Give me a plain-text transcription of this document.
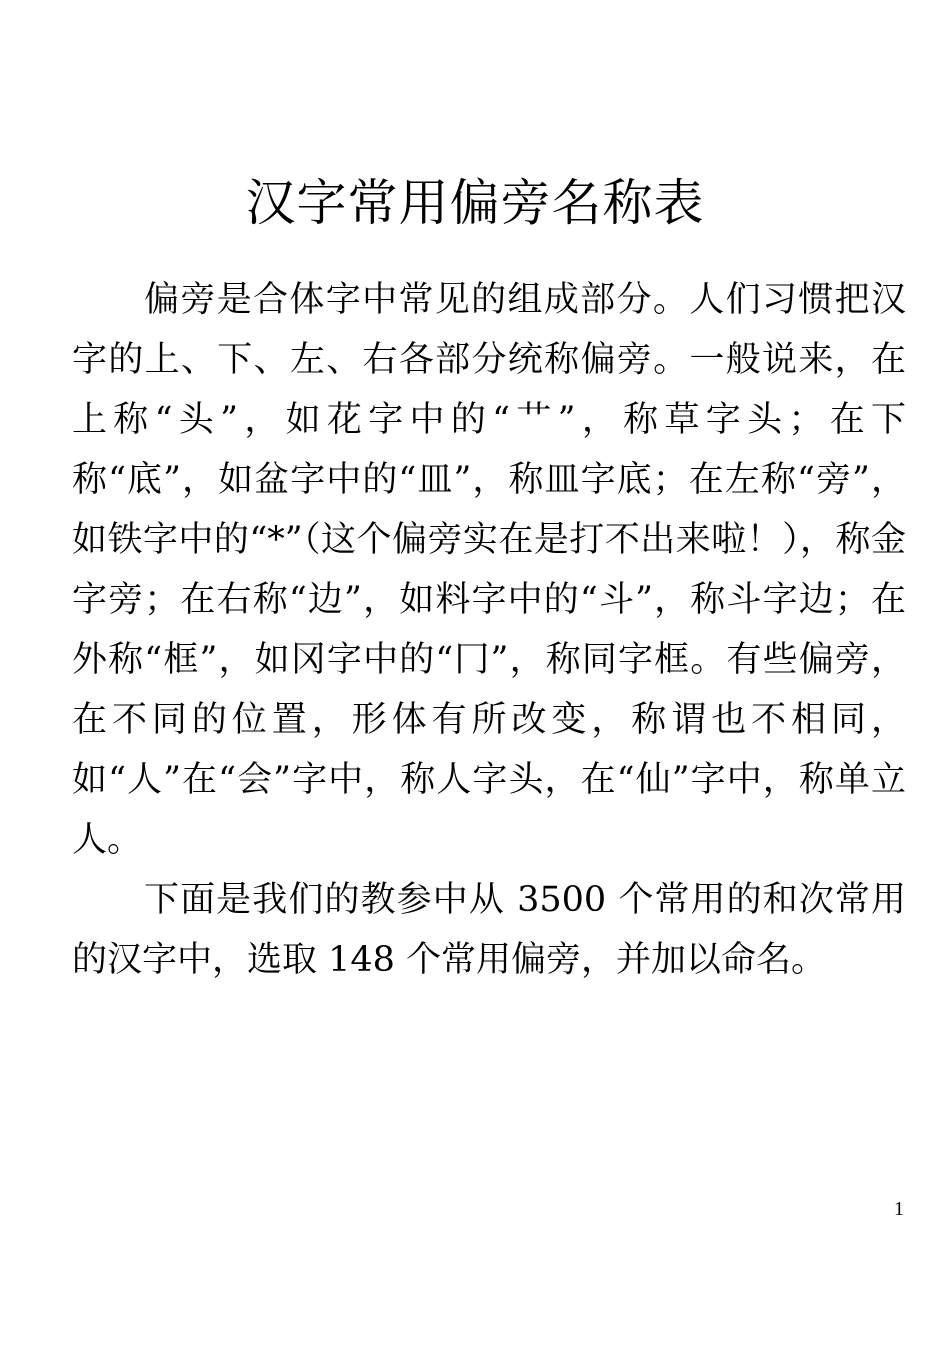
汉字常用偏旁名称表

偏旁是合体字中常见的组成部分。人们习惯把汉字的上、下、左、右各部分统称偏旁。一般说来，在上称“头”，如花字中的“艹”，称草字头；在下称“底”，如盆字中的“皿”，称皿字底；在左称“旁”，如铁字中的“*”（这个偏旁实在是打不出来啦！），称金字旁；在右称“边”，如料字中的“斗”，称斗字边；在外称“框”，如冈字中的“冂”，称同字框。有些偏旁，在不同的位置，形体有所改变，称谓也不相同，如“人”在“会”字中，称人字头，在“仙”字中，称单立人。

下面是我们的教参中从 3500 个常用的和次常用的汉字中，选取 148 个常用偏旁，并加以命名。

1
